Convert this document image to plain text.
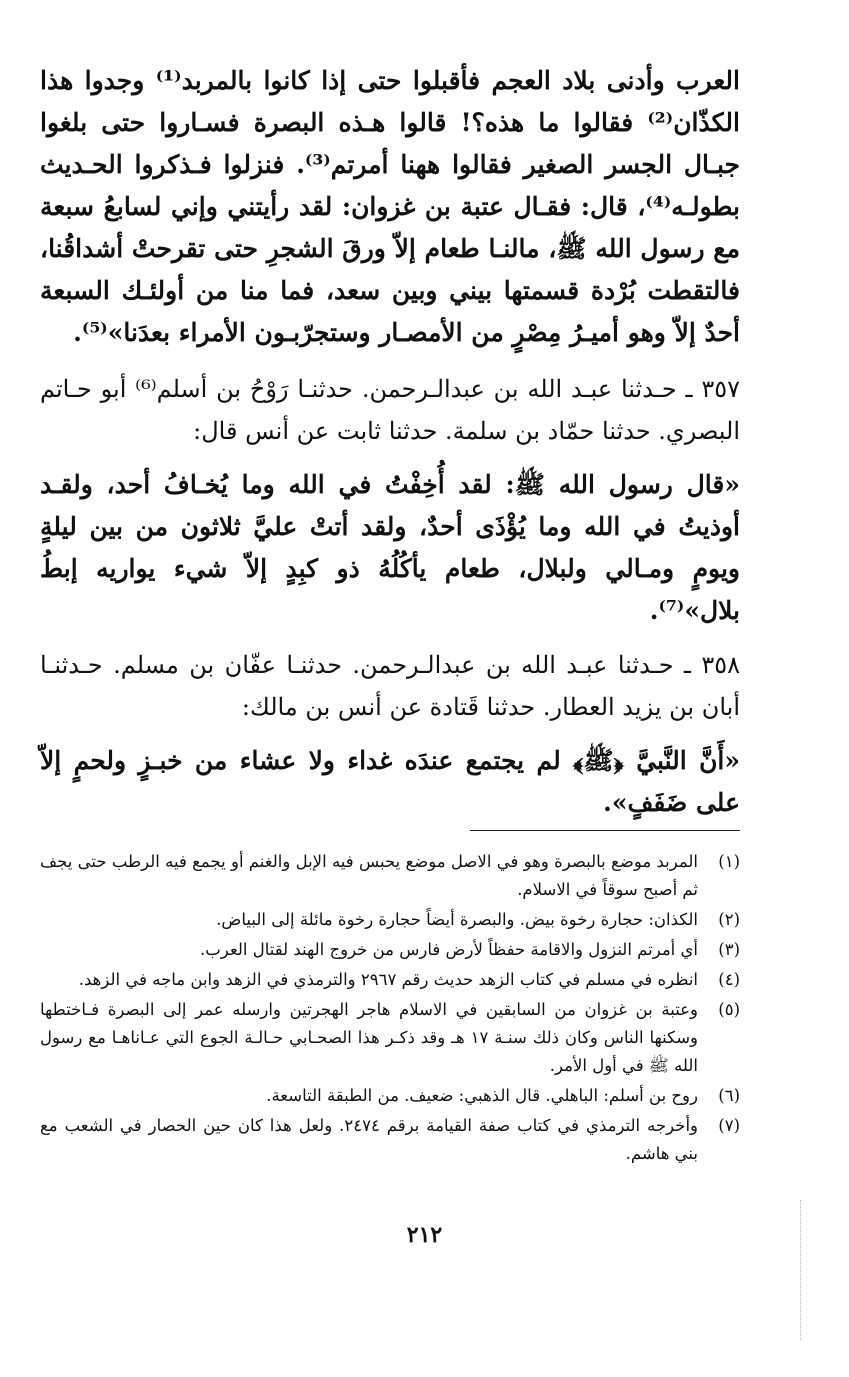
العرب وأدنى بلاد العجم فأقبلوا حتى إذا كانوا بالمربد⁽¹⁾ وجدوا هذا الكذّان⁽²⁾ فقالوا ما هذه؟! قالوا هـذه البصرة فسـاروا حتى بلغوا جبـال الجسر الصغير فقالوا ههنا أمرتم⁽³⁾. فنزلوا فـذكروا الحـديث بطولـه⁽⁴⁾، قال: فقـال عتبة بن غزوان: لقد رأيتني وإني لسابعُ سبعة مع رسول الله ﷺ، مالنـا طعام إلاّ ورقَ الشجرِ حتى تقرحتْ أشداقُنا، فالتقطت بُرْدة قسمتها بيني وبين سعد، فما منا من أولئـك السبعة أحدٌ إلاّ وهو أميـرُ مِصْرٍ من الأمصـار وستجرّبـون الأمراء بعدَنا»⁽⁵⁾.

٣٥٧ ـ حـدثنا عبـد الله بن عبدالـرحمن. حدثنـا رَوْحُ بن أسلم⁽⁶⁾ أبو حـاتم البصري. حدثنا حمّاد بن سلمة. حدثنا ثابت عن أنس قال:

«قال رسول الله ﷺ: لقد أُخِفْتُ في الله وما يُخـافُ أحد، ولقـد أوذيتُ في الله وما يُؤْذَى أحدٌ، ولقد أتتْ عليَّ ثلاثون من بين ليلةٍ ويومٍ ومـالي ولبلال، طعام يأكُلُهُ ذو كبِدٍ إلاّ شيء يواريه إبطُ بلال»⁽⁷⁾.

٣٥٨ ـ حـدثنا عبـد الله بن عبدالـرحمن. حدثنـا عفّان بن مسلم. حـدثنـا أبان بن يزيد العطار. حدثنا قَتادة عن أنس بن مالك:

«أَنَّ النَّبيَّ ﴿ﷺ﴾ لم يجتمع عندَه غداء ولا عشاء من خبـزٍ ولحمٍ إلاّ على ضَفَفٍ».

(١)
المربد موضع بالبصرة وهو في الاصل موضع يحبس فيه الإبل والغنم أو يجمع فيه الرطب حتى يجف ثم أصبح سوقاً في الاسلام.
(٢)
الكذان: حجارة رخوة بيض. والبصرة أيضاً حجارة رخوة مائلة إلى البياض.
(٣)
أي أمرتم النزول والاقامة حفظاً لأرض فارس من خروج الهند لقتال العرب.
(٤)
انظره في مسلم في كتاب الزهد حديث رقم ٢٩٦٧ والترمذي في الزهد وابن ماجه في الزهد.
(٥)
وعتبة بن غزوان من السابقين في الاسلام هاجر الهجرتين وارسله عمر إلى البصرة فـاختطها وسكنها الناس وكان ذلك سنـة ١٧ هـ وقد ذكـر هذا الصحـابي حـالـة الجوع التي عـاناهـا مع رسول الله ﷺ في أول الأمر.
(٦)
روح بن أسلم: الباهلي. قال الذهبي: ضعيف. من الطبقة التاسعة.
(٧)
وأخرجه الترمذي في كتاب صفة القيامة برقم ٢٤٧٤. ولعل هذا كان حين الحصار في الشعب مع بني هاشم.
٢١٢
